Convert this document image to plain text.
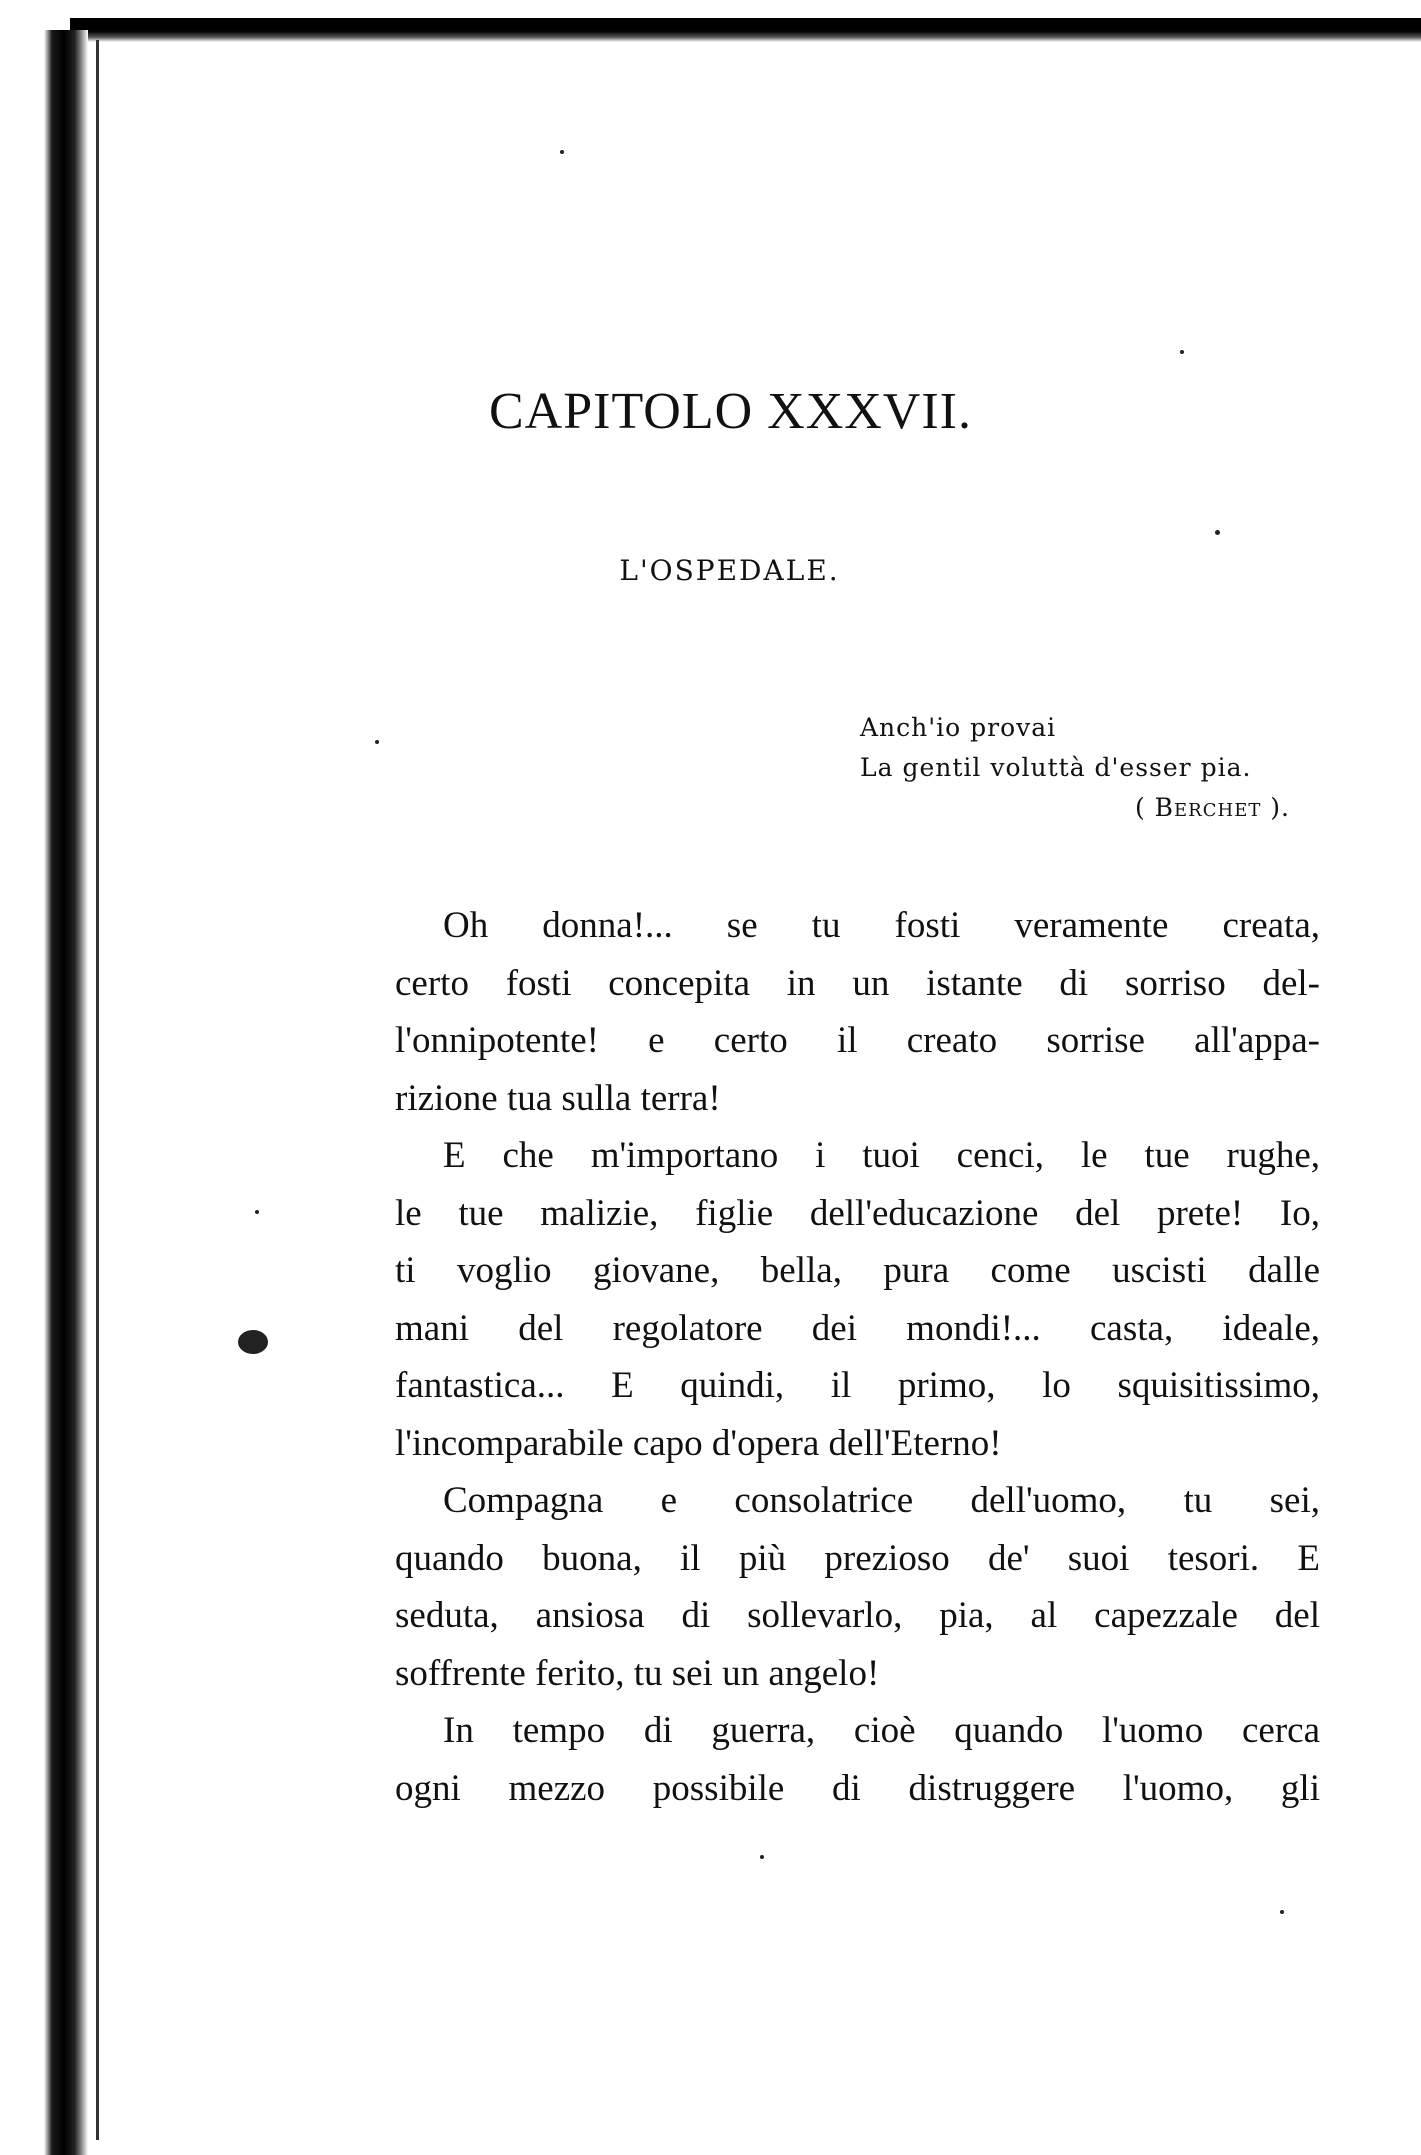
CAPITOLO XXXVII.
L'OSPEDALE.
Anch'io provai
La gentil voluttà d'esser pia.
( Berchet ).
Oh donna!... se tu fosti veramente creata,
certo fosti concepita in un istante di sorriso del-
l'onnipotente! e certo il creato sorrise all'appa-
rizione tua sulla terra!
E che m'importano i tuoi cenci, le tue rughe,
le tue malizie, figlie dell'educazione del prete! Io,
ti voglio giovane, bella, pura come uscisti dalle
mani del regolatore dei mondi!... casta, ideale,
fantastica... E quindi, il primo, lo squisitissimo,
l'incomparabile capo d'opera dell'Eterno!
Compagna e consolatrice dell'uomo, tu sei,
quando buona, il più prezioso de' suoi tesori. E
seduta, ansiosa di sollevarlo, pia, al capezzale del
soffrente ferito, tu sei un angelo!
In tempo di guerra, cioè quando l'uomo cerca
ogni mezzo possibile di distruggere l'uomo, gli
